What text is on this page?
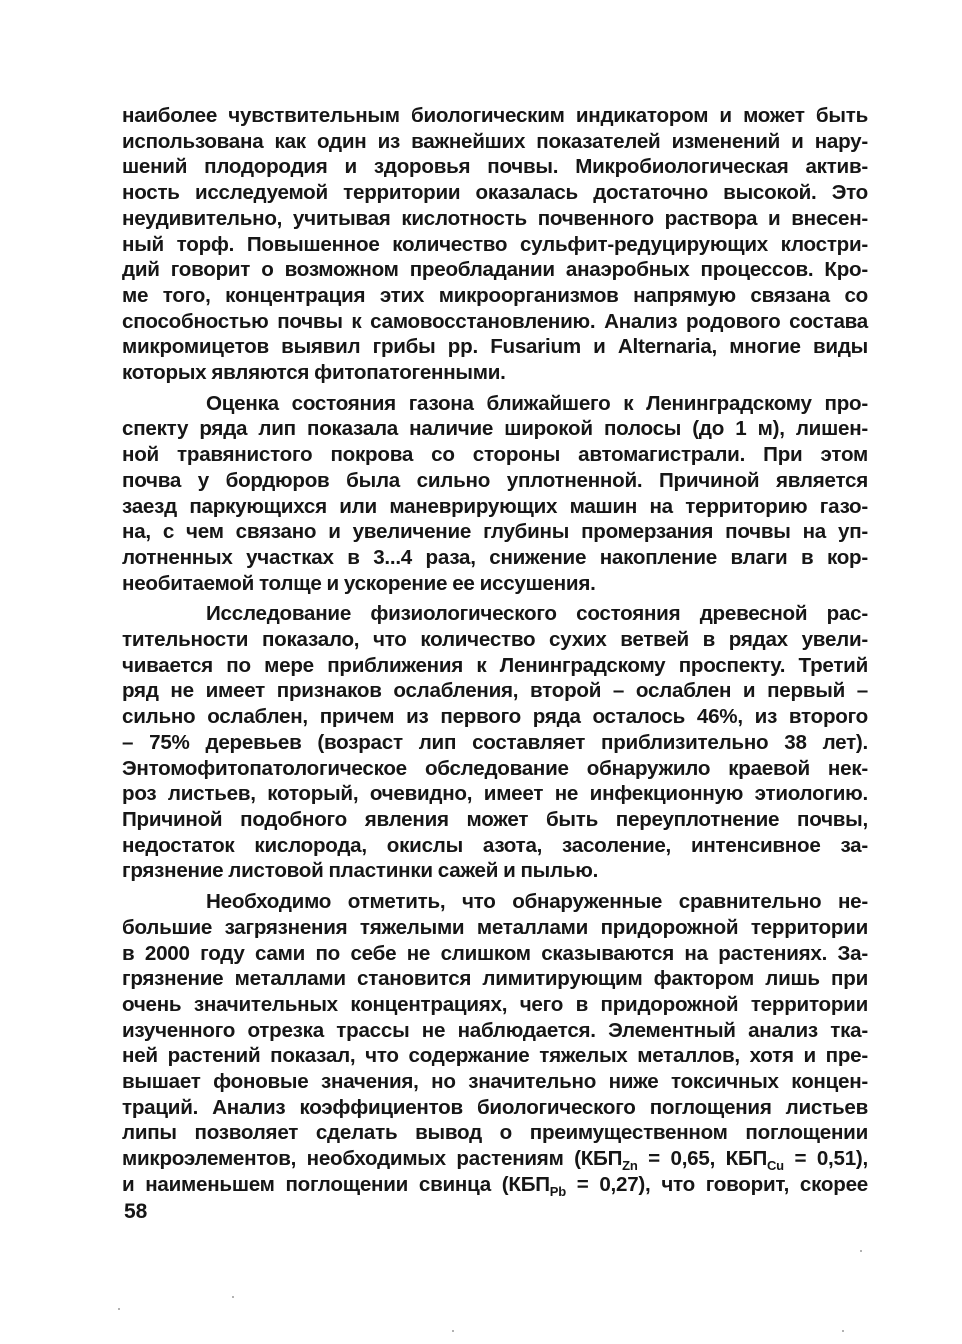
наиболее чувствительным биологическим индикатором и может быть
использована как один из важнейших показателей изменений и нару-
шений плодородия и здоровья почвы. Микробиологическая актив-
ность исследуемой территории оказалась достаточно высокой. Это
неудивительно, учитывая кислотность почвенного раствора и внесен-
ный торф. Повышенное количество сульфит-редуцирующих клостри-
дий говорит о возможном преобладании анаэробных процессов. Кро-
ме того, концентрация этих микроорганизмов напрямую связана со
способностью почвы к самовосстановлению. Анализ родового состава
микромицетов выявил грибы рр. Fusarium и Alternaria, многие виды
которых являются фитопатогенными.
Оценка состояния газона ближайшего к Ленинградскому про-
спекту ряда лип показала наличие широкой полосы (до 1 м), лишен-
ной травянистого покрова со стороны автомагистрали. При этом
почва у бордюров была сильно уплотненной. Причиной является
заезд паркующихся или маневрирующих машин на территорию газо-
на, с чем связано и увеличение глубины промерзания почвы на уп-
лотненных участках в 3...4 раза, снижение накопление влаги в кор-
необитаемой толще и ускорение ее иссушения.
Исследование физиологического состояния древесной рас-
тительности показало, что количество сухих ветвей в рядах увели-
чивается по мере приближения к Ленинградскому проспекту. Третий
ряд не имеет признаков ослабления, второй – ослаблен и первый –
сильно ослаблен, причем из первого ряда осталось 46%, из второго
– 75% деревьев (возраст лип составляет приблизительно 38 лет).
Энтомофитопатологическое обследование обнаружило краевой нек-
роз листьев, который, очевидно, имеет не инфекционную этиологию.
Причиной подобного явления может быть переуплотнение почвы,
недостаток кислорода, окислы азота, засоление, интенсивное за-
грязнение листовой пластинки сажей и пылью.
Необходимо отметить, что обнаруженные сравнительно не-
большие загрязнения тяжелыми металлами придорожной территории
в 2000 году сами по себе не слишком сказываются на растениях. За-
грязнение металлами становится лимитирующим фактором лишь при
очень значительных концентрациях, чего в придорожной территории
изученного отрезка трассы не наблюдается. Элементный анализ тка-
ней растений показал, что содержание тяжелых металлов, хотя и пре-
вышает фоновые значения, но значительно ниже токсичных концен-
траций. Анализ коэффициентов биологического поглощения листьев
липы позволяет сделать вывод о преимущественном поглощении
микроэлементов, необходимых растениям ($КБП_{Zn} = 0,65$, $КБП_{Cu} = 0,51$),
и наименьшем поглощении свинца $(КБП_{Pb} = 0,27)$, что говорит, скорее
58
